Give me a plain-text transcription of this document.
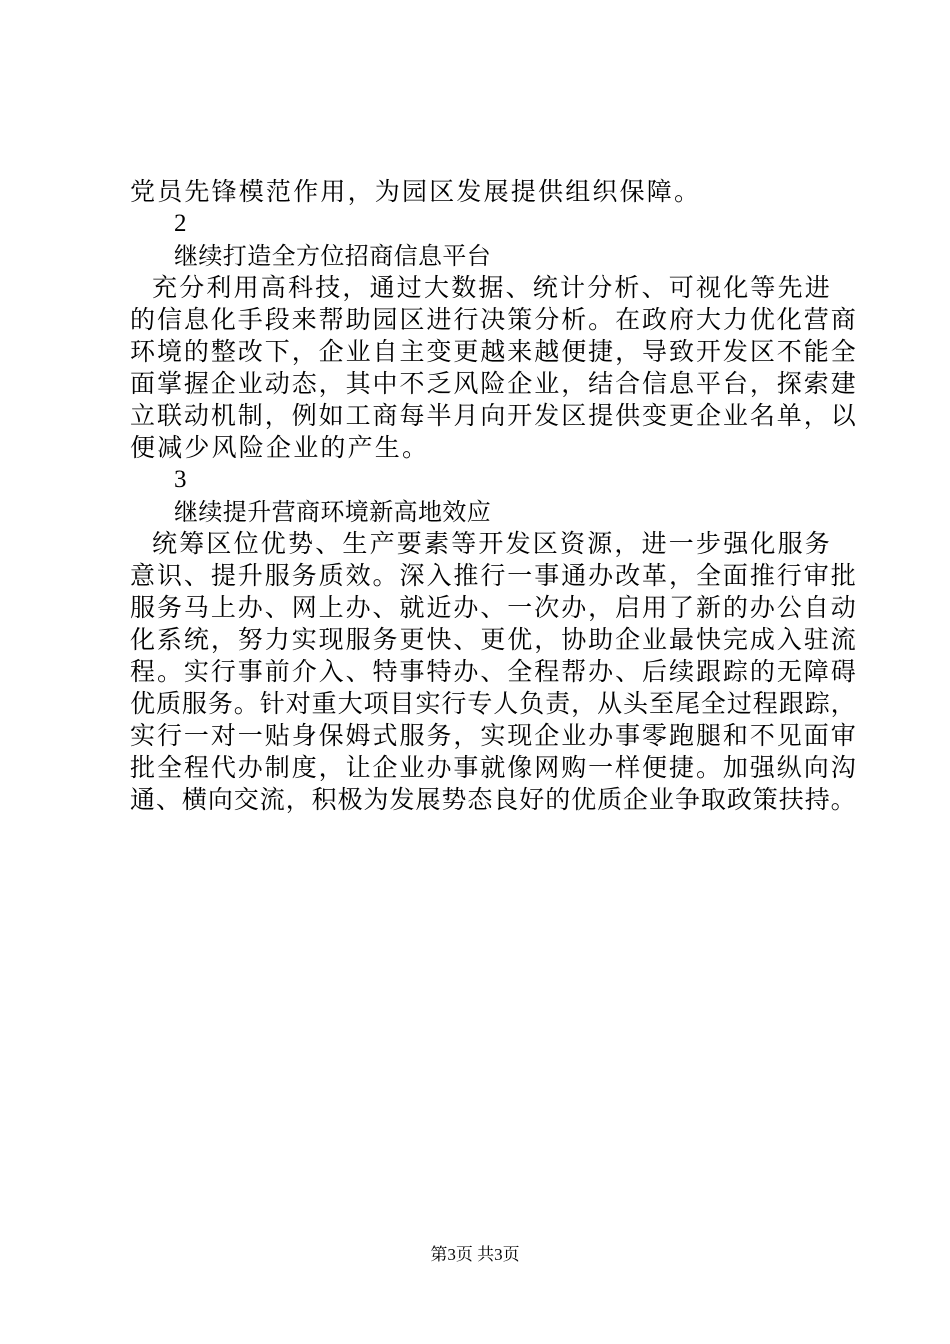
党员先锋模范作用，为园区发展提供组织保障。
2
继续打造全方位招商信息平台
充分利用高科技，通过大数据、统计分析、可视化等先进
的信息化手段来帮助园区进行决策分析。在政府大力优化营商
环境的整改下，企业自主变更越来越便捷，导致开发区不能全
面掌握企业动态，其中不乏风险企业，结合信息平台，探索建
立联动机制，例如工商每半月向开发区提供变更企业名单，以
便减少风险企业的产生。
3
继续提升营商环境新高地效应
统筹区位优势、生产要素等开发区资源，进一步强化服务
意识、提升服务质效。深入推行一事通办改革，全面推行审批
服务马上办、网上办、就近办、一次办，启用了新的办公自动
化系统，努力实现服务更快、更优，协助企业最快完成入驻流
程。实行事前介入、特事特办、全程帮办、后续跟踪的无障碍
优质服务。针对重大项目实行专人负责，从头至尾全过程跟踪，
实行一对一贴身保姆式服务，实现企业办事零跑腿和不见面审
批全程代办制度，让企业办事就像网购一样便捷。加强纵向沟
通、横向交流，积极为发展势态良好的优质企业争取政策扶持。
第3页 共3页
